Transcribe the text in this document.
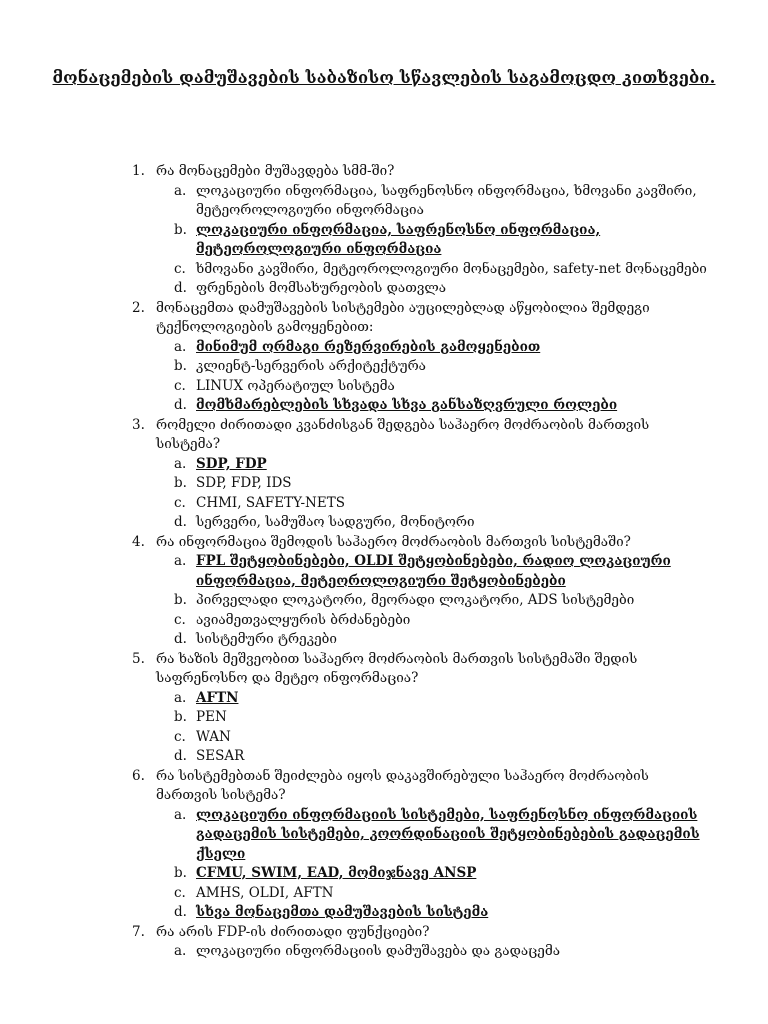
მონაცემების დამუშავების საბაზისო სწავლების საგამოცდო კითხვები.
1. რა მონაცემები მუშავდება სმმ-ში?
a. ლოკაციური ინფორმაცია, საფრენოსნო ინფორმაცია, ხმოვანი კავშირი, მეტეოროლოგიური ინფორმაცია
b. ლოკაციური ინფორმაცია, საფრენოსნო ინფორმაცია, მეტეოროლოგიური ინფორმაცია
c. ხმოვანი კავშირი, მეტეოროლოგიური მონაცემები, safety-net მონაცემები
d. ფრენების მომსახურეობის დათვლა
2. მონაცემთა დამუშავების სისტემები აუცილებლად აწყობილია შემდეგი ტექნოლოგიების გამოყენებით:
a. მინიმუმ ორმაგი რეზერვირების გამოყენებით
b. კლიენტ-სერვერის არქიტექტურა
c. LINUX ოპერატიულ სისტემა
d. მომხმარებლების სხვადა სხვა განსაზღვრული როლები
3. რომელი ძირითადი კვანძისგან შედგება საჰაერო მოძრაობის მართვის სისტემა?
a. SDP, FDP
b. SDP, FDP, IDS
c. CHMI, SAFETY-NETS
d. სერვერი, სამუშაო სადგური, მონიტორი
4. რა ინფორმაცია შემოდის საჰაერო მოძრაობის მართვის სისტემაში?
a. FPL შეტყობინებები, OLDI შეტყობინებები, რადიო ლოკაციური ინფორმაცია, მეტეოროლოგიური შეტყობინებები
b. პირველადი ლოკატორი, მეორადი ლოკატორი, ADS სისტემები
c. ავიამეთვალყურის ბრძანებები
d. სისტემური ტრეკები
5. რა ხაზის მეშვეობით საჰაერო მოძრაობის მართვის სისტემაში შედის საფრენოსნო და მეტეო ინფორმაცია?
a. AFTN
b. PEN
c. WAN
d. SESAR
6. რა სისტემებთან შეიძლება იყოს დაკავშირებული საჰაერო მოძრაობის მართვის სისტემა?
a. ლოკაციური ინფორმაციის სისტემები, საფრენოსნო ინფორმაციის გადაცემის სისტემები, კოორდინაციის შეტყობინებების გადაცემის ქსელი
b. CFMU, SWIM, EAD, მომიჯნავე ANSP
c. AMHS, OLDI, AFTN
d. სხვა მონაცემთა დამუშავების სისტემა
7. რა არის FDP-ის ძირითადი ფუნქციები?
a. ლოკაციური ინფორმაციის დამუშავება და გადაცემა
